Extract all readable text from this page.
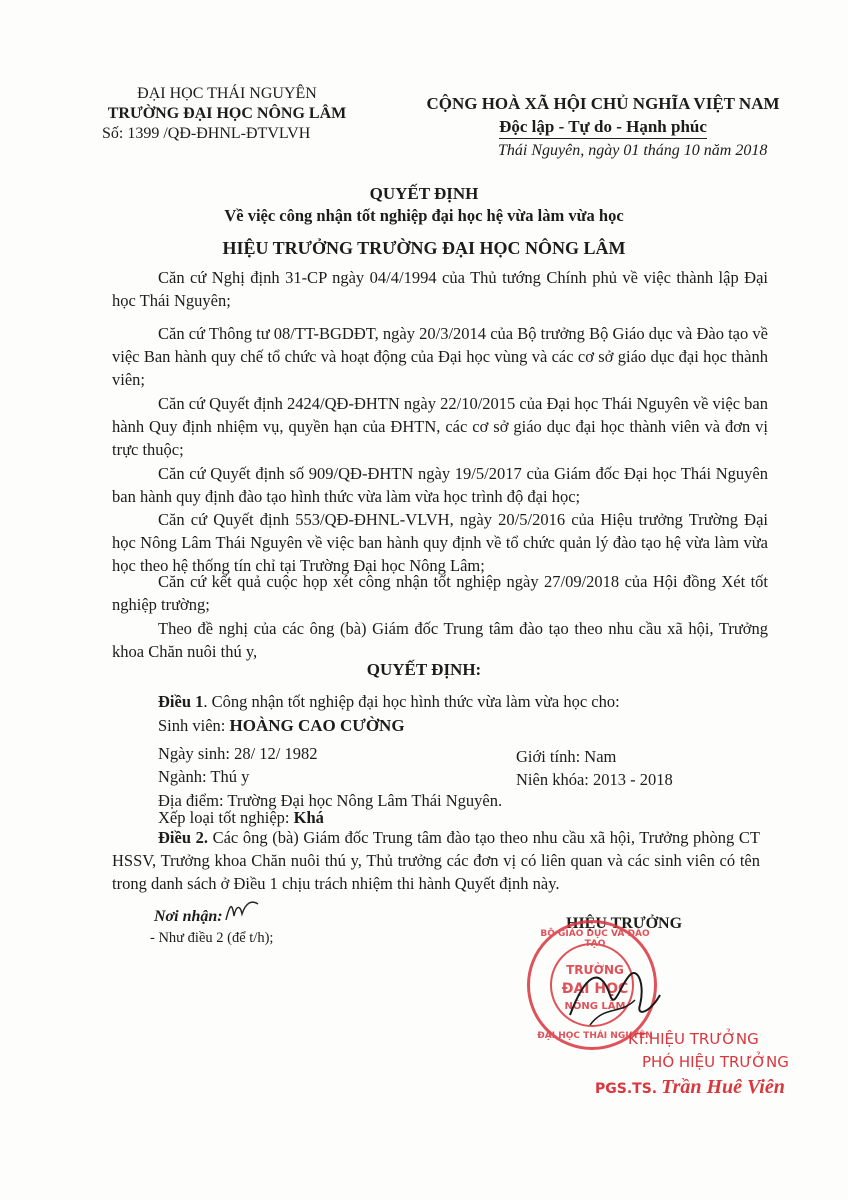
ĐẠI HỌC THÁI NGUYÊN
TRƯỜNG ĐẠI HỌC NÔNG LÂM
Số: 1399 /QĐ-ĐHNL-ĐTVLVH
CỘNG HOÀ XÃ HỘI CHỦ NGHĨA VIỆT NAM
Độc lập - Tự do - Hạnh phúc
Thái Nguyên, ngày 01 tháng 10 năm 2018
QUYẾT ĐỊNH
Về việc công nhận tốt nghiệp đại học hệ vừa làm vừa học
HIỆU TRƯỞNG TRƯỜNG ĐẠI HỌC NÔNG LÂM
Căn cứ Nghị định 31-CP ngày 04/4/1994 của Thủ tướng Chính phủ về việc thành lập Đại học Thái Nguyên;
Căn cứ Thông tư 08/TT-BGDĐT, ngày 20/3/2014 của Bộ trưởng Bộ Giáo dục và Đào tạo về việc Ban hành quy chế tổ chức và hoạt động của Đại học vùng và các cơ sở giáo dục đại học thành viên;
Căn cứ Quyết định 2424/QĐ-ĐHTN ngày 22/10/2015 của Đại học Thái Nguyên về việc ban hành Quy định nhiệm vụ, quyền hạn của ĐHTN, các cơ sở giáo dục đại học thành viên và đơn vị trực thuộc;
Căn cứ Quyết định số 909/QĐ-ĐHTN ngày 19/5/2017 của Giám đốc Đại học Thái Nguyên ban hành quy định đào tạo hình thức vừa làm vừa học trình độ đại học;
Căn cứ Quyết định 553/QĐ-ĐHNL-VLVH, ngày 20/5/2016 của Hiệu trưởng Trường Đại học Nông Lâm Thái Nguyên về việc ban hành quy định về tổ chức quản lý đào tạo hệ vừa làm vừa học theo hệ thống tín chỉ tại Trường Đại học Nông Lâm;
Căn cứ kết quả cuộc họp xét công nhận tốt nghiệp ngày 27/09/2018 của Hội đồng Xét tốt nghiệp trường;
Theo đề nghị của các ông (bà) Giám đốc Trung tâm đào tạo theo nhu cầu xã hội, Trưởng khoa Chăn nuôi thú y,
QUYẾT ĐỊNH:
Điều 1. Công nhận tốt nghiệp đại học hình thức vừa làm vừa học cho:
Sinh viên: HOÀNG CAO CƯỜNG
Ngày sinh: 28/ 12/ 1982	Giới tính: Nam
Ngành: Thú y	Niên khóa: 2013 - 2018
Địa điểm: Trường Đại học Nông Lâm Thái Nguyên.
Xếp loại tốt nghiệp: Khá
Điều 2. Các ông (bà) Giám đốc Trung tâm đào tạo theo nhu cầu xã hội, Trưởng phòng CT HSSV, Trưởng khoa Chăn nuôi thú y, Thủ trưởng các đơn vị có liên quan và các sinh viên có tên trong danh sách ở Điều 1 chịu trách nhiệm thi hành Quyết định này.
Nơi nhận:
- Như điều 2 (để t/h);
HIỆU TRƯỞNG
BỘ GIÁO DỤC VÀ ĐÀO TẠO
TRƯỜNG
ĐẠI HỌC
NÔNG LÂM
ĐẠI HỌC THÁI NGUYÊN
KT.HIỆU TRƯỞNG
PHÓ HIỆU TRƯỞNG
PGS.TS. Trần Huê Viên
